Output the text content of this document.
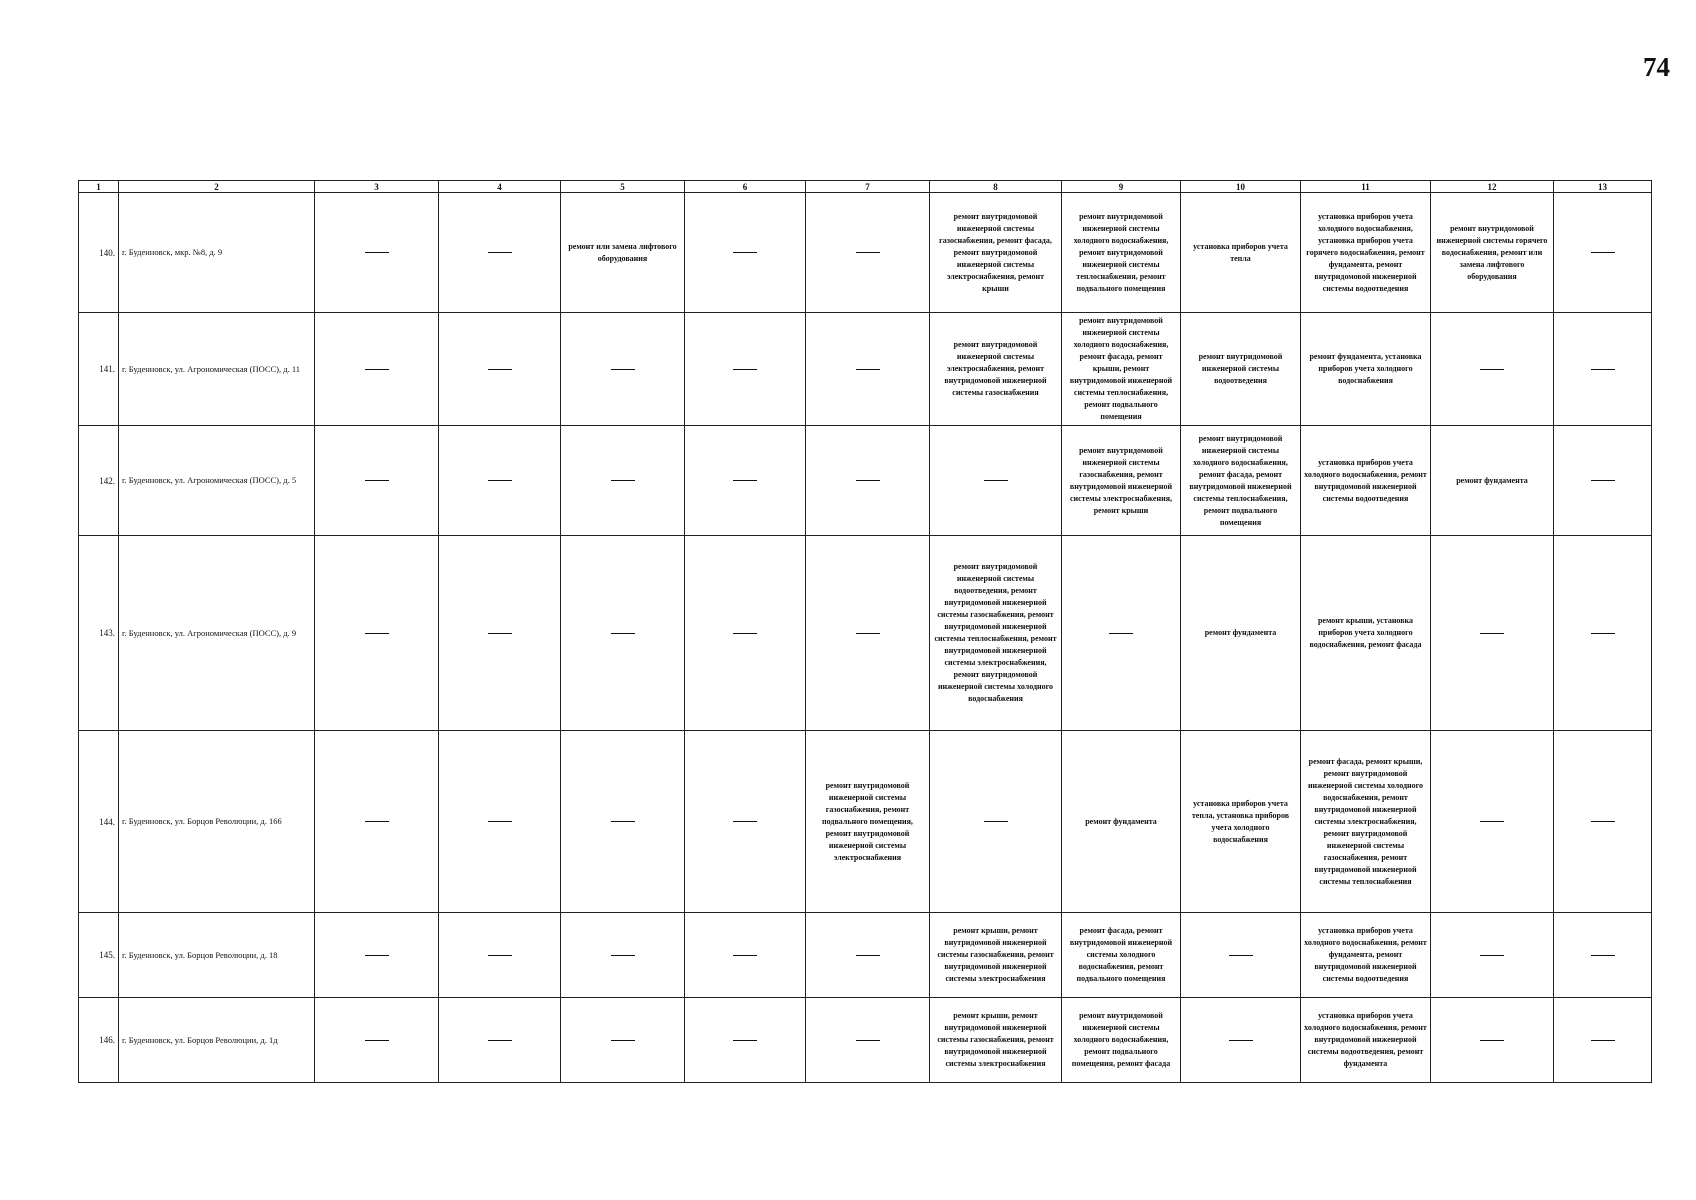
74
1	2	3	4	5	6	7	8	9	10	11	12	13
140.	г. Буденновск, мкр. №8, д. 9			ремонт или замена лифтового оборудования			ремонт внутридомовой инженерной системы газоснабжения, ремонт фасада, ремонт внутридомовой инженерной системы электроснабжения, ремонт крыши	ремонт внутридомовой инженерной системы холодного водоснабжения, ремонт внутридомовой инженерной системы теплоснабжения, ремонт подвального помещения	установка приборов учета тепла	установка приборов учета холодного водоснабжения, установка приборов учета горячего водоснабжения, ремонт фундамента, ремонт внутридомовой инженерной системы водоотведения	ремонт внутридомовой инженерной системы горячего водоснабжения, ремонт или замена лифтового оборудования	
141.	г. Буденновск, ул. Агрономическая (ПОСС), д. 11						ремонт внутридомовой инженерной системы электроснабжения, ремонт внутридомовой инженерной системы газоснабжения	ремонт внутридомовой инженерной системы холодного водоснабжения, ремонт фасада, ремонт крыши, ремонт внутридомовой инженерной системы теплоснабжения, ремонт подвального помещения	ремонт внутридомовой инженерной системы водоотведения	ремонт фундамента, установка приборов учета холодного водоснабжения		
142.	г. Буденновск, ул. Агрономическая (ПОСС), д. 5							ремонт внутридомовой инженерной системы газоснабжения, ремонт внутридомовой инженерной системы электроснабжения, ремонт крыши	ремонт внутридомовой инженерной системы холодного водоснабжения, ремонт фасада, ремонт внутридомовой инженерной системы теплоснабжения, ремонт подвального помещения	установка приборов учета холодного водоснабжения, ремонт внутридомовой инженерной системы водоотведения	ремонт фундамента	
143.	г. Буденновск, ул. Агрономическая (ПОСС), д. 9						ремонт внутридомовой инженерной системы водоотведения, ремонт внутридомовой инженерной системы газоснабжения, ремонт внутридомовой инженерной системы теплоснабжения, ремонт внутридомовой инженерной системы электроснабжения, ремонт внутридомовой инженерной системы холодного водоснабжения		ремонт фундамента	ремонт крыши, установка приборов учета холодного водоснабжения, ремонт фасада		
144.	г. Буденновск, ул. Борцов Революции, д. 166					ремонт внутридомовой инженерной системы газоснабжения, ремонт подвального помещения, ремонт внутридомовой инженерной системы электроснабжения		ремонт фундамента	установка приборов учета тепла, установка приборов учета холодного водоснабжения	ремонт фасада, ремонт крыши, ремонт внутридомовой инженерной системы холодного водоснабжения, ремонт внутридомовой инженерной системы электроснабжения, ремонт внутридомовой инженерной системы газоснабжения, ремонт внутридомовой инженерной системы теплоснабжения		
145.	г. Буденновск, ул. Борцов Революции, д. 18						ремонт крыши, ремонт внутридомовой инженерной системы газоснабжения, ремонт внутридомовой инженерной системы электроснабжения	ремонт фасада, ремонт внутридомовой инженерной системы холодного водоснабжения, ремонт подвального помещения		установка приборов учета холодного водоснабжения, ремонт фундамента, ремонт внутридомовой инженерной системы водоотведения		
146.	г. Буденновск, ул. Борцов Революции, д. 1д						ремонт крыши, ремонт внутридомовой инженерной системы газоснабжения, ремонт внутридомовой инженерной системы электроснабжения	ремонт внутридомовой инженерной системы холодного водоснабжения, ремонт подвального помещения, ремонт фасада		установка приборов учета холодного водоснабжения, ремонт внутридомовой инженерной системы водоотведения, ремонт фундамента		
